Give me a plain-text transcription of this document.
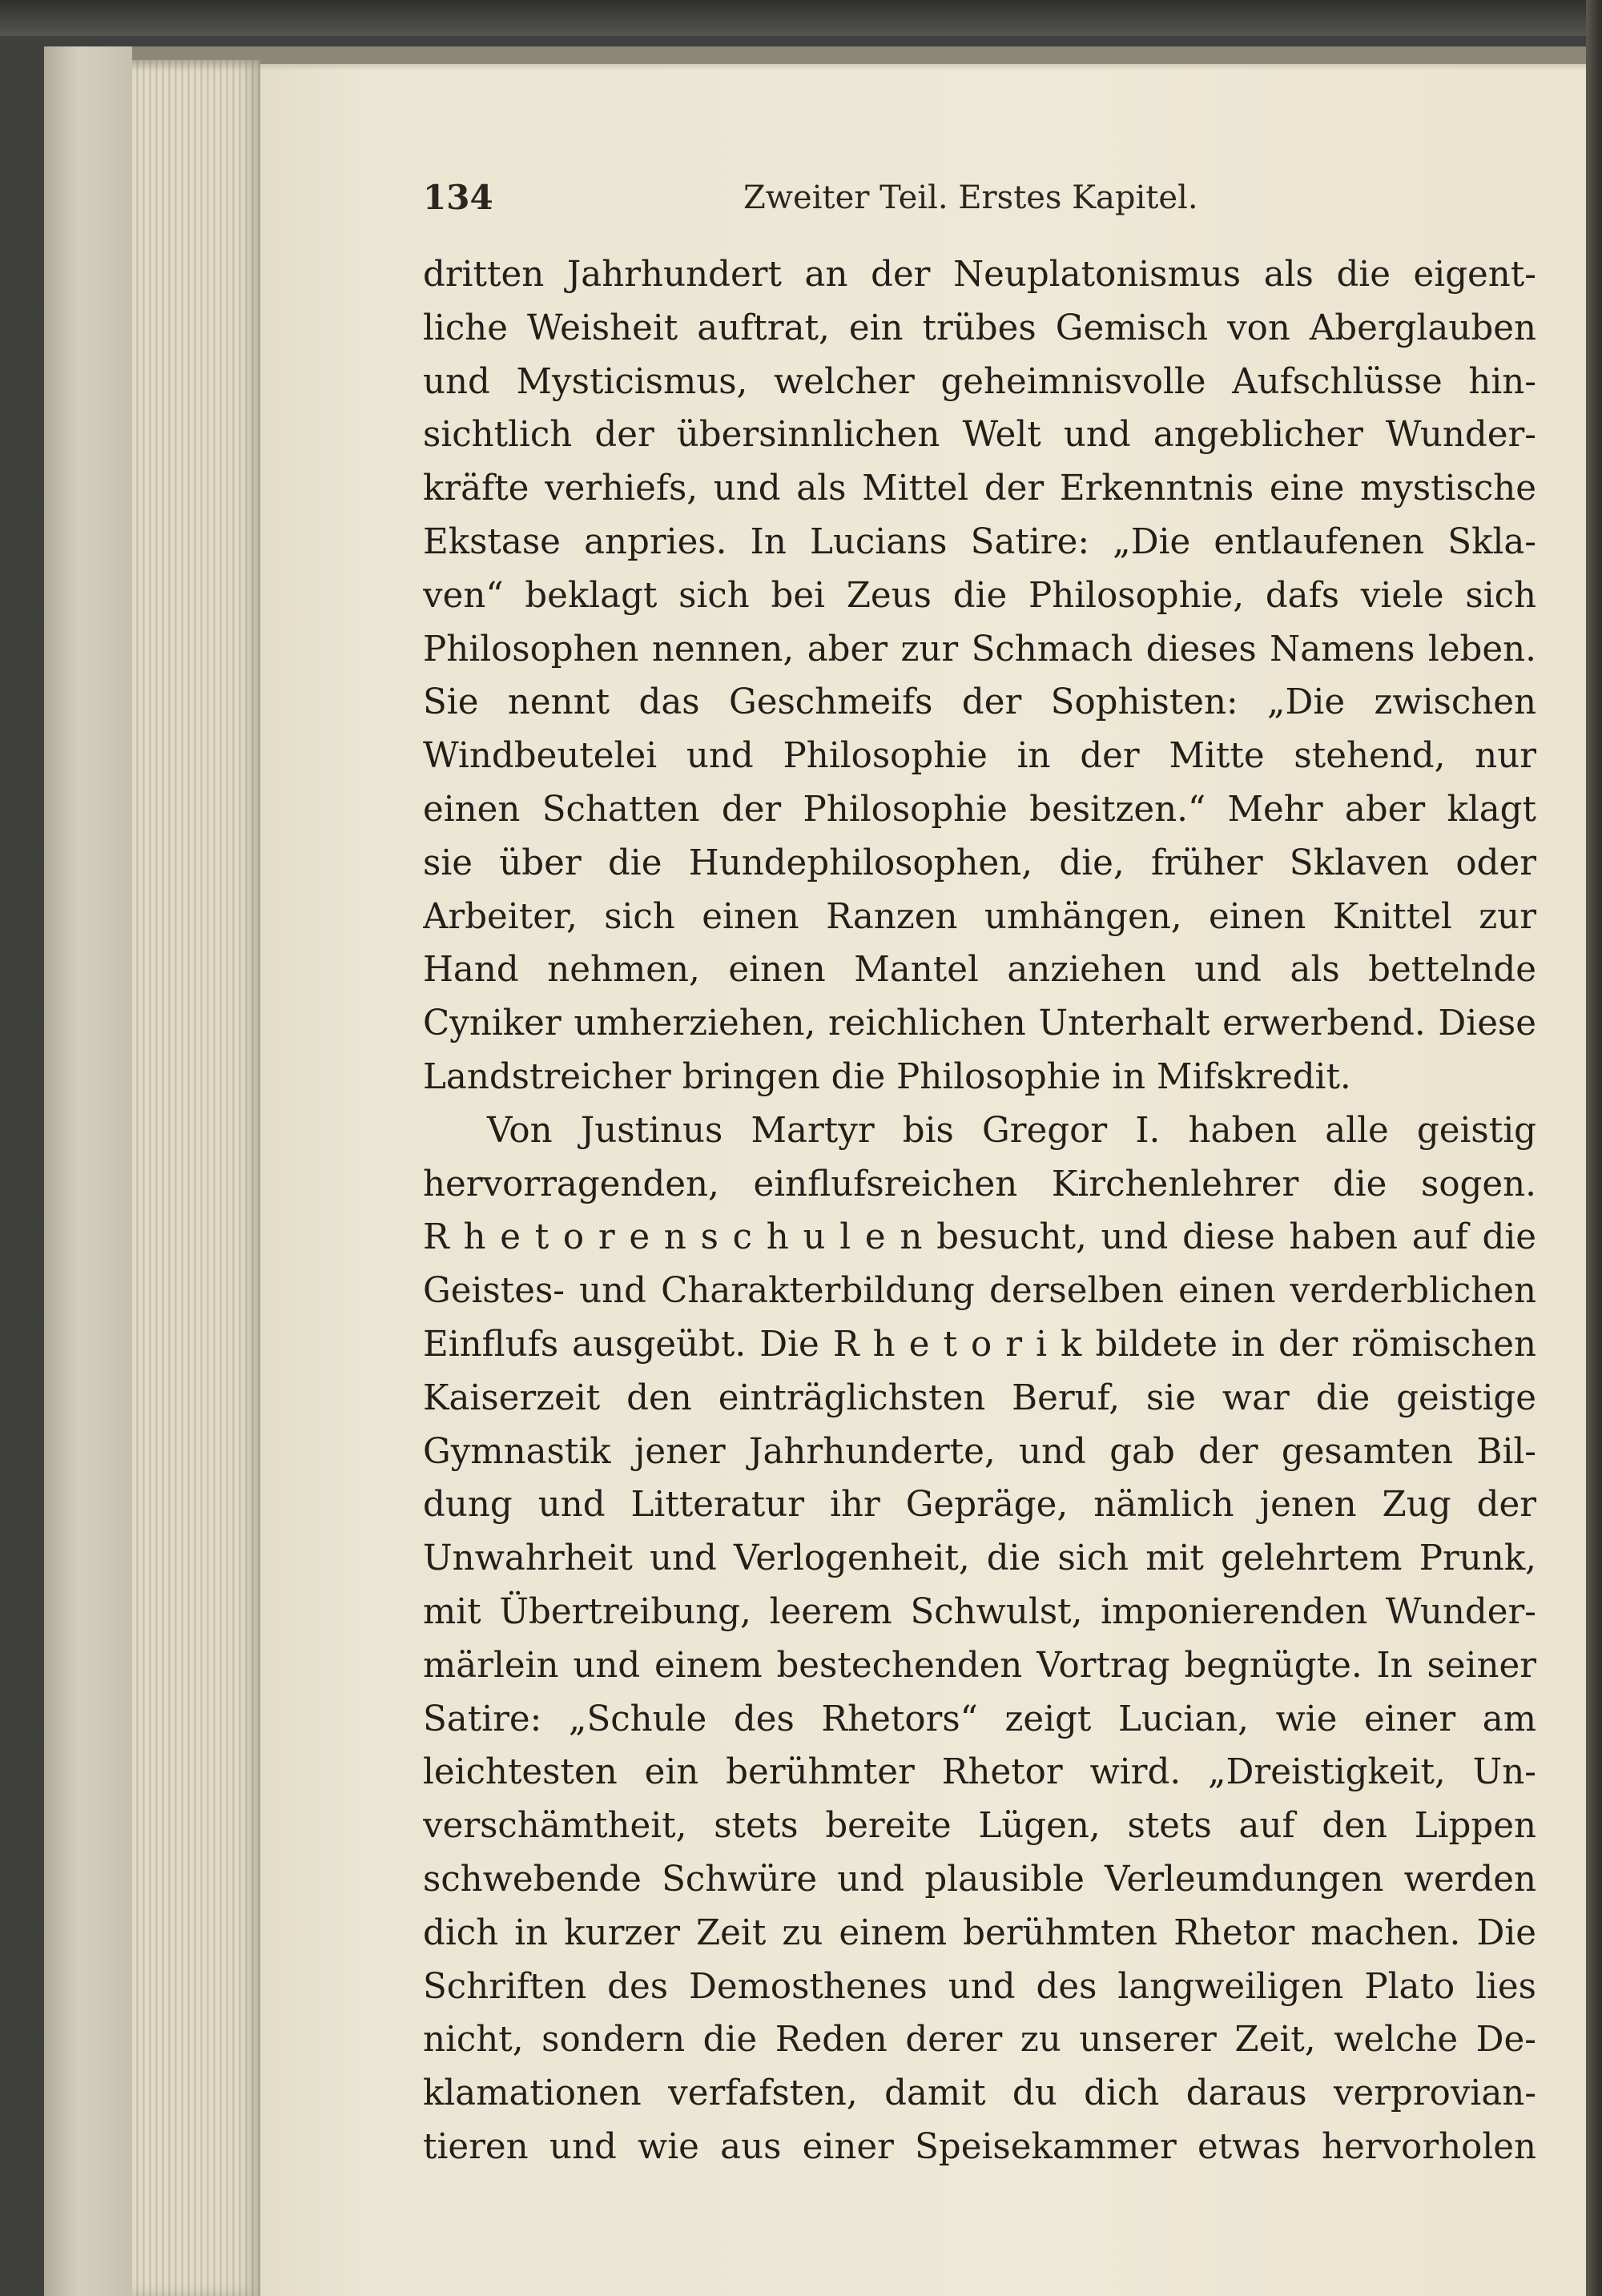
134	Zweiter Teil. Erstes Kapitel.
dritten Jahrhundert an der Neuplatonismus als die eigent-
liche Weisheit auftrat, ein trübes Gemisch von Aberglauben
und Mysticismus, welcher geheimnisvolle Aufschlüsse hin-
sichtlich der übersinnlichen Welt und angeblicher Wunder-
kräfte verhiefs, und als Mittel der Erkenntnis eine mystische
Ekstase anpries. In Lucians Satire: „Die entlaufenen Skla-
ven“ beklagt sich bei Zeus die Philosophie, dafs viele sich
Philosophen nennen, aber zur Schmach dieses Namens leben.
Sie nennt das Geschmeifs der Sophisten: „Die zwischen
Windbeutelei und Philosophie in der Mitte stehend, nur
einen Schatten der Philosophie besitzen.“ Mehr aber klagt
sie über die Hundephilosophen, die, früher Sklaven oder
Arbeiter, sich einen Ranzen umhängen, einen Knittel zur
Hand nehmen, einen Mantel anziehen und als bettelnde
Cyniker umherziehen, reichlichen Unterhalt erwerbend. Diese
Landstreicher bringen die Philosophie in Mifskredit.
Von Justinus Martyr bis Gregor I. haben alle geistig
hervorragenden, einflufsreichen Kirchenlehrer die sogen.
R h e t o r e n s c h u l e n besucht, und diese haben auf die
Geistes- und Charakterbildung derselben einen verderblichen
Einflufs ausgeübt. Die R h e t o r i k bildete in der römischen
Kaiserzeit den einträglichsten Beruf, sie war die geistige
Gymnastik jener Jahrhunderte, und gab der gesamten Bil-
dung und Litteratur ihr Gepräge, nämlich jenen Zug der
Unwahrheit und Verlogenheit, die sich mit gelehrtem Prunk,
mit Übertreibung, leerem Schwulst, imponierenden Wunder-
märlein und einem bestechenden Vortrag begnügte. In seiner
Satire: „Schule des Rhetors“ zeigt Lucian, wie einer am
leichtesten ein berühmter Rhetor wird. „Dreistigkeit, Un-
verschämtheit, stets bereite Lügen, stets auf den Lippen
schwebende Schwüre und plausible Verleumdungen werden
dich in kurzer Zeit zu einem berühmten Rhetor machen. Die
Schriften des Demosthenes und des langweiligen Plato lies
nicht, sondern die Reden derer zu unserer Zeit, welche De-
klamationen verfafsten, damit du dich daraus verprovian-
tieren und wie aus einer Speisekammer etwas hervorholen
